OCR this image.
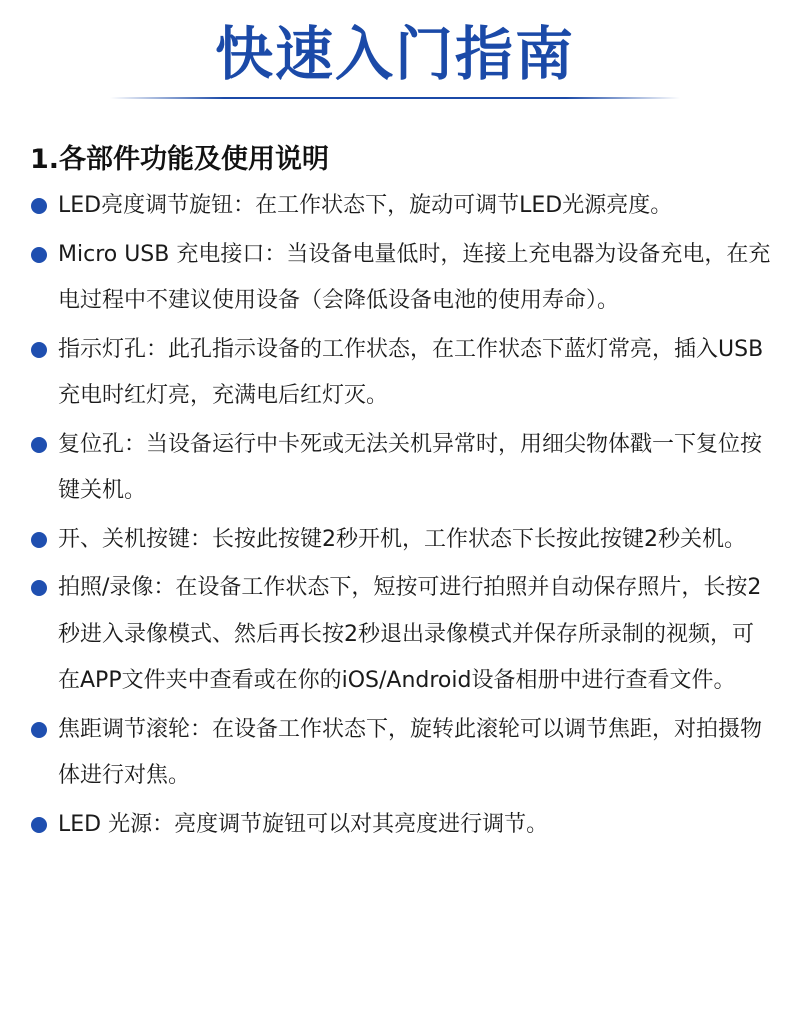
快速入门指南
1.各部件功能及使用说明
LED亮度调节旋钮：在工作状态下，旋动可调节LED光源亮度。
Micro USB 充电接口：当设备电量低时，连接上充电器为设备充电，在充电过程中不建议使用设备（会降低设备电池的使用寿命）。
指示灯孔：此孔指示设备的工作状态，在工作状态下蓝灯常亮，插入USB充电时红灯亮，充满电后红灯灭。
复位孔：当设备运行中卡死或无法关机异常时，用细尖物体戳一下复位按键关机。
开、关机按键：长按此按键2秒开机，工作状态下长按此按键2秒关机。
拍照/录像：在设备工作状态下，短按可进行拍照并自动保存照片，长按2秒进入录像模式、然后再长按2秒退出录像模式并保存所录制的视频，可在APP文件夹中查看或在你的iOS/Android设备相册中进行查看文件。
焦距调节滚轮：在设备工作状态下，旋转此滚轮可以调节焦距，对拍摄物体进行对焦。
LED 光源：亮度调节旋钮可以对其亮度进行调节。
